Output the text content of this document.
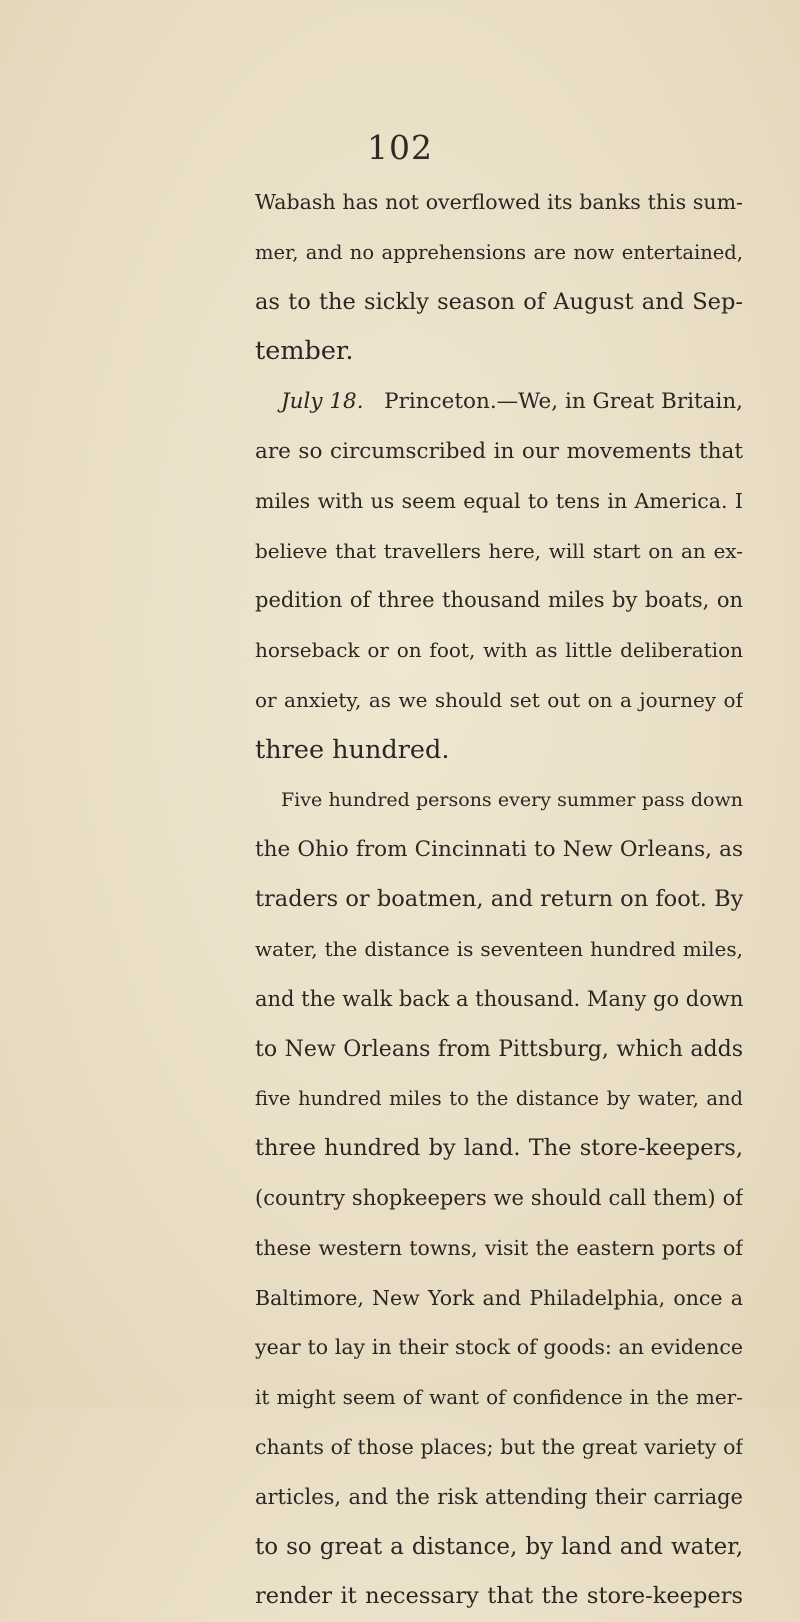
102
Wabash has not overflowed its banks this sum-
mer, and no apprehensions are now entertained,
as to the sickly season of August and Sep-
tember.
July 18. Princeton.—We, in Great Britain,
are so circumscribed in our movements that
miles with us seem equal to tens in America. I
believe that travellers here, will start on an ex-
pedition of three thousand miles by boats, on
horseback or on foot, with as little deliberation
or anxiety, as we should set out on a journey of
three hundred.
Five hundred persons every summer pass down
the Ohio from Cincinnati to New Orleans, as
traders or boatmen, and return on foot. By
water, the distance is seventeen hundred miles,
and the walk back a thousand. Many go down
to New Orleans from Pittsburg, which adds
five hundred miles to the distance by water, and
three hundred by land. The store-keepers,
(country shopkeepers we should call them) of
these western towns, visit the eastern ports of
Baltimore, New York and Philadelphia, once a
year to lay in their stock of goods: an evidence
it might seem of want of confidence in the mer-
chants of those places; but the great variety of
articles, and the risk attending their carriage
to so great a distance, by land and water,
render it necessary that the store-keepers
